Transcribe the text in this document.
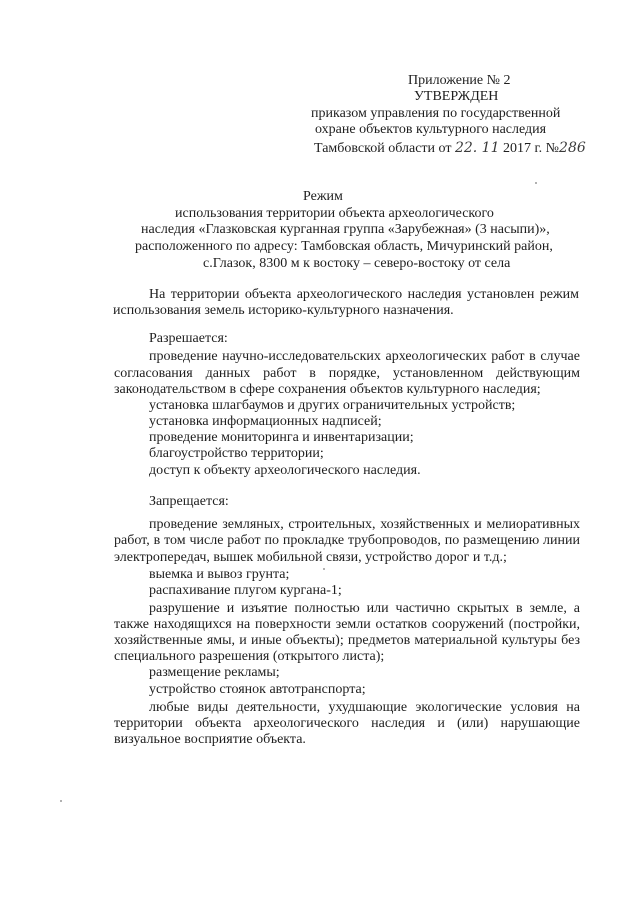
Приложение № 2
УТВЕРЖДЕН
приказом управления по государственной
охране объектов культурного наследия
Тамбовской области от 22. 11 2017 г. №286
Режим
использования территории объекта археологического
наследия «Глазковская курганная группа «Зарубежная» (3 насыпи)»,
расположенного по адресу: Тамбовская область, Мичуринский район,
с.Глазок, 8300 м к востоку – северо-востоку от села
На территории объекта археологического наследия установлен режим
использования земель историко-культурного назначения.
Разрешается:
проведение научно-исследовательских археологических работ в случае
согласования данных работ в порядке, установленном действующим
законодательством в сфере сохранения объектов культурного наследия;
установка шлагбаумов и других ограничительных устройств;
установка информационных надписей;
проведение мониторинга и инвентаризации;
благоустройство территории;
доступ к объекту археологического наследия.
Запрещается:
проведение земляных, строительных, хозяйственных и мелиоративных
работ, в том числе работ по прокладке трубопроводов, по размещению линии
электропередач, вышек мобильной связи, устройство дорог и т.д.;
выемка и вывоз грунта;
распахивание плугом кургана-1;
разрушение и изъятие полностью или частично скрытых в земле, а
также находящихся на поверхности земли остатков сооружений (постройки,
хозяйственные ямы, и иные объекты); предметов материальной культуры без
специального разрешения (открытого листа);
размещение рекламы;
устройство стоянок автотранспорта;
любые виды деятельности, ухудшающие экологические условия на
территории объекта археологического наследия и (или) нарушающие
визуальное восприятие объекта.
